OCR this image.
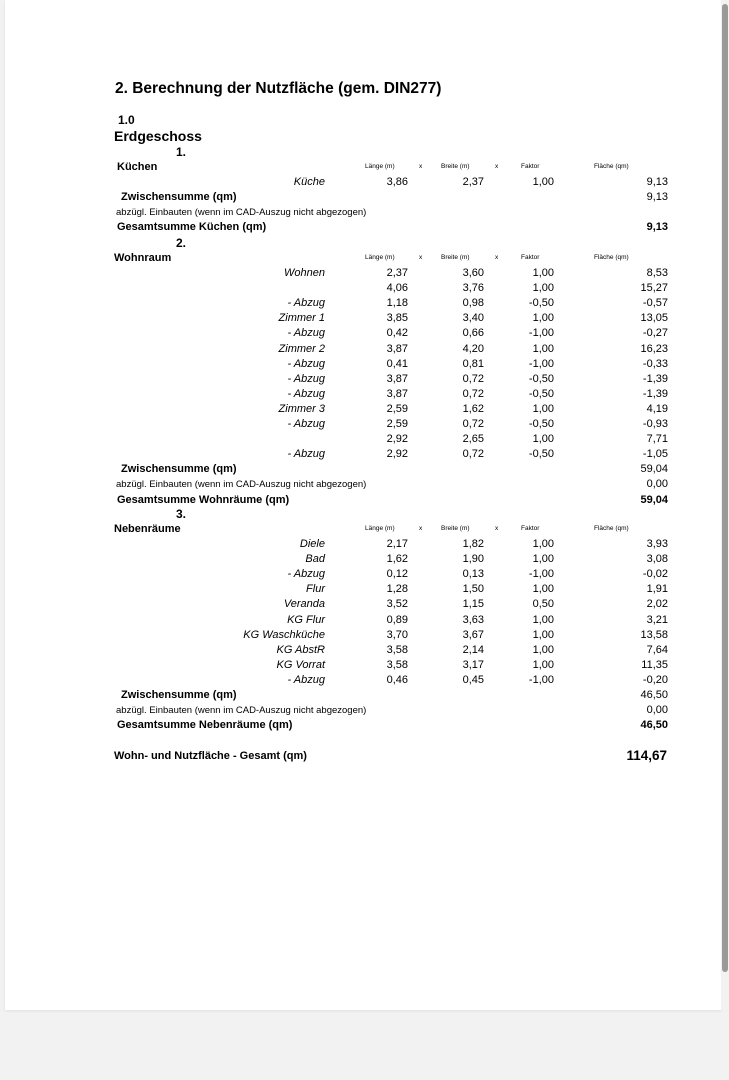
2. Berechnung der Nutzfläche (gem. DIN277)
1.0
Erdgeschoss
1.
Küchen	Länge (m)	x	Breite (m)	x	Faktor	Fläche (qm)
Küche	3,86	2,37	1,00	9,13
Zwischensumme (qm)	9,13
abzügl. Einbauten (wenn im CAD-Auszug nicht abgezogen)
Gesamtsumme Küchen (qm)	9,13
2.
Wohnraum	Länge (m)	x	Breite (m)	x	Faktor	Fläche (qm)
Wohnen	2,37	3,60	1,00	8,53
4,06	3,76	1,00	15,27
- Abzug	1,18	0,98	-0,50	-0,57
Zimmer 1	3,85	3,40	1,00	13,05
- Abzug	0,42	0,66	-1,00	-0,27
Zimmer 2	3,87	4,20	1,00	16,23
- Abzug	0,41	0,81	-1,00	-0,33
- Abzug	3,87	0,72	-0,50	-1,39
- Abzug	3,87	0,72	-0,50	-1,39
Zimmer 3	2,59	1,62	1,00	4,19
- Abzug	2,59	0,72	-0,50	-0,93
2,92	2,65	1,00	7,71
- Abzug	2,92	0,72	-0,50	-1,05
Zwischensumme (qm)	59,04
abzügl. Einbauten (wenn im CAD-Auszug nicht abgezogen)	0,00
Gesamtsumme Wohnräume (qm)	59,04
3.
Nebenräume	Länge (m)	x	Breite (m)	x	Faktor	Fläche (qm)
Diele	2,17	1,82	1,00	3,93
Bad	1,62	1,90	1,00	3,08
- Abzug	0,12	0,13	-1,00	-0,02
Flur	1,28	1,50	1,00	1,91
Veranda	3,52	1,15	0,50	2,02
KG Flur	0,89	3,63	1,00	3,21
KG Waschküche	3,70	3,67	1,00	13,58
KG AbstR	3,58	2,14	1,00	7,64
KG Vorrat	3,58	3,17	1,00	11,35
- Abzug	0,46	0,45	-1,00	-0,20
Zwischensumme (qm)	46,50
abzügl. Einbauten (wenn im CAD-Auszug nicht abgezogen)	0,00
Gesamtsumme Nebenräume (qm)	46,50
Wohn- und Nutzfläche - Gesamt (qm)	114,67
